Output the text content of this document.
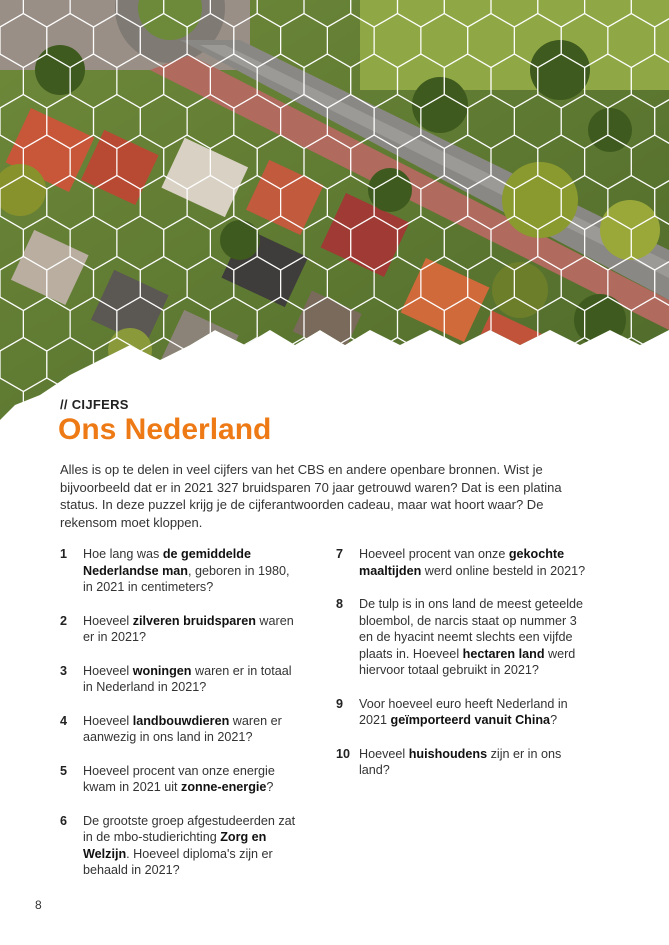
// CIJFERS
Ons Nederland

Alles is op te delen in veel cijfers van het CBS en andere openbare bronnen. Wist je bijvoorbeeld dat er in 2021 327 bruidsparen 70 jaar getrouwd waren? Dat is een platina status. In deze puzzel krijg je de cijferantwoorden cadeau, maar wat hoort waar? De rekensom moet kloppen.

1	Hoe lang was de gemiddelde Nederlandse man, geboren in 1980, in 2021 in centimeters?
2	Hoeveel zilveren bruidsparen waren er in 2021?
3	Hoeveel woningen waren er in totaal in Nederland in 2021?
4	Hoeveel landbouwdieren waren er aanwezig in ons land in 2021?
5	Hoeveel procent van onze energie kwam in 2021 uit zonne-energie?
6	De grootste groep afgestudeerden zat in de mbo-studierichting Zorg en Welzijn. Hoeveel diploma's zijn er behaald in 2021?
7	Hoeveel procent van onze gekochte maaltijden werd online besteld in 2021?
8	De tulp is in ons land de meest geteelde bloembol, de narcis staat op nummer 3 en de hyacint neemt slechts een vijfde plaats in. Hoeveel hectaren land werd hiervoor totaal gebruikt in 2021?
9	Voor hoeveel euro heeft Nederland in 2021 geïmporteerd vanuit China?
10 Hoeveel huishoudens zijn er in ons land?
8
